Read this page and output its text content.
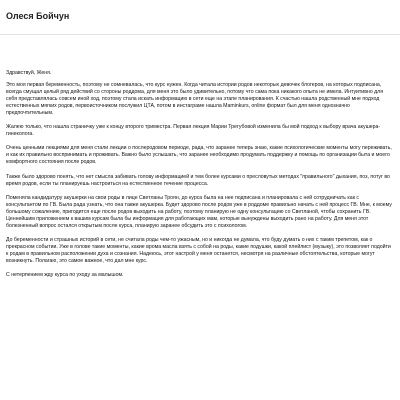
Олеся Бойчун

Здравствуй, Женя.

Это моя первая беременность, поэтому не сомневалась, что курс нужен. Когда читала истории родов некоторых девочек блогеров, на которых подписана, всегда смущал целый ряд действий со стороны роддома, для меня это было удивительно, потому что сама пока никакого опыта не имела. Интуитивно для себя представлялась совсем иной ход, поэтому стала искать информацию в сети еще на этапе планирования. К счастью нашла родственный мне подход естественных мягких родов, первоисточником послужил ЦТА, потом в инстаграме нашла Maminkurs, online формат был для меня однозначно предпочтительным.

Жалею только, что нашла страничку уже к концу второго триместра. Первая лекция Марии Трегубовой изменила бы мой подход к выбору врача акушера-гинеколога.

Очень ценными лекциями для меня стали лекции о послеродовом периоде, рада, что заранее теперь знаю, какие психологические моменты могу переживать, и как их правильно воспринимать и проживать. Важно было услышать, что заранее необходимо продумать поддержку и помощь по организации быта и моего комфортного состояния после родов.

Также было здорово понять, что нет смысла забивать голову информацией и тем более курсами о пресловутых методах "правильного" дыхания, поз, потуг во время родов, если ты планируешь настроиться на естественное течение процесса.

Поменяла кандидатуру акушерки на свои роды в лице Светланы Троян, до курса была на нее подписана и планировала с ней сотрудничать как с консультантом по ГВ. Была рада узнать, что она также акушерка. Будет здорово после родов уже в роддоме правильно начать с ней процесс ГВ. Мне, к моему большому сожалению, пригодится еще после родов выходить на работу, поэтому планирую не одну консультацию со Светланой, чтобы сохранить ГВ. Ценнейшим приложением к вашим курсам была бы информация для работающих мам, которые вынуждены выходить рано на работу. Для меня этот болезненный вопрос остался открытым после курса, планирую заранее обсудить это с психологом.

До беременности и страшных историй в сети, не считала роды чем-то ужасным, но и никогда не думала, что буду думать о них с таким трепетом, как о прекрасном событии. Уже в голове такие моменты, какие врома масла взять с собой на роды, какие подушки, какой плейлист (музыку), это позволяет подойти к родам в правильном расположении духа и сознания. Надеюсь, этот настрой у меня останется, несмотря на различные обстоятельства, которые могут возникнуть. Полагаю, это самое важное, что дал мне курс.

С нетерпением жду курса по уходу за малышом.
